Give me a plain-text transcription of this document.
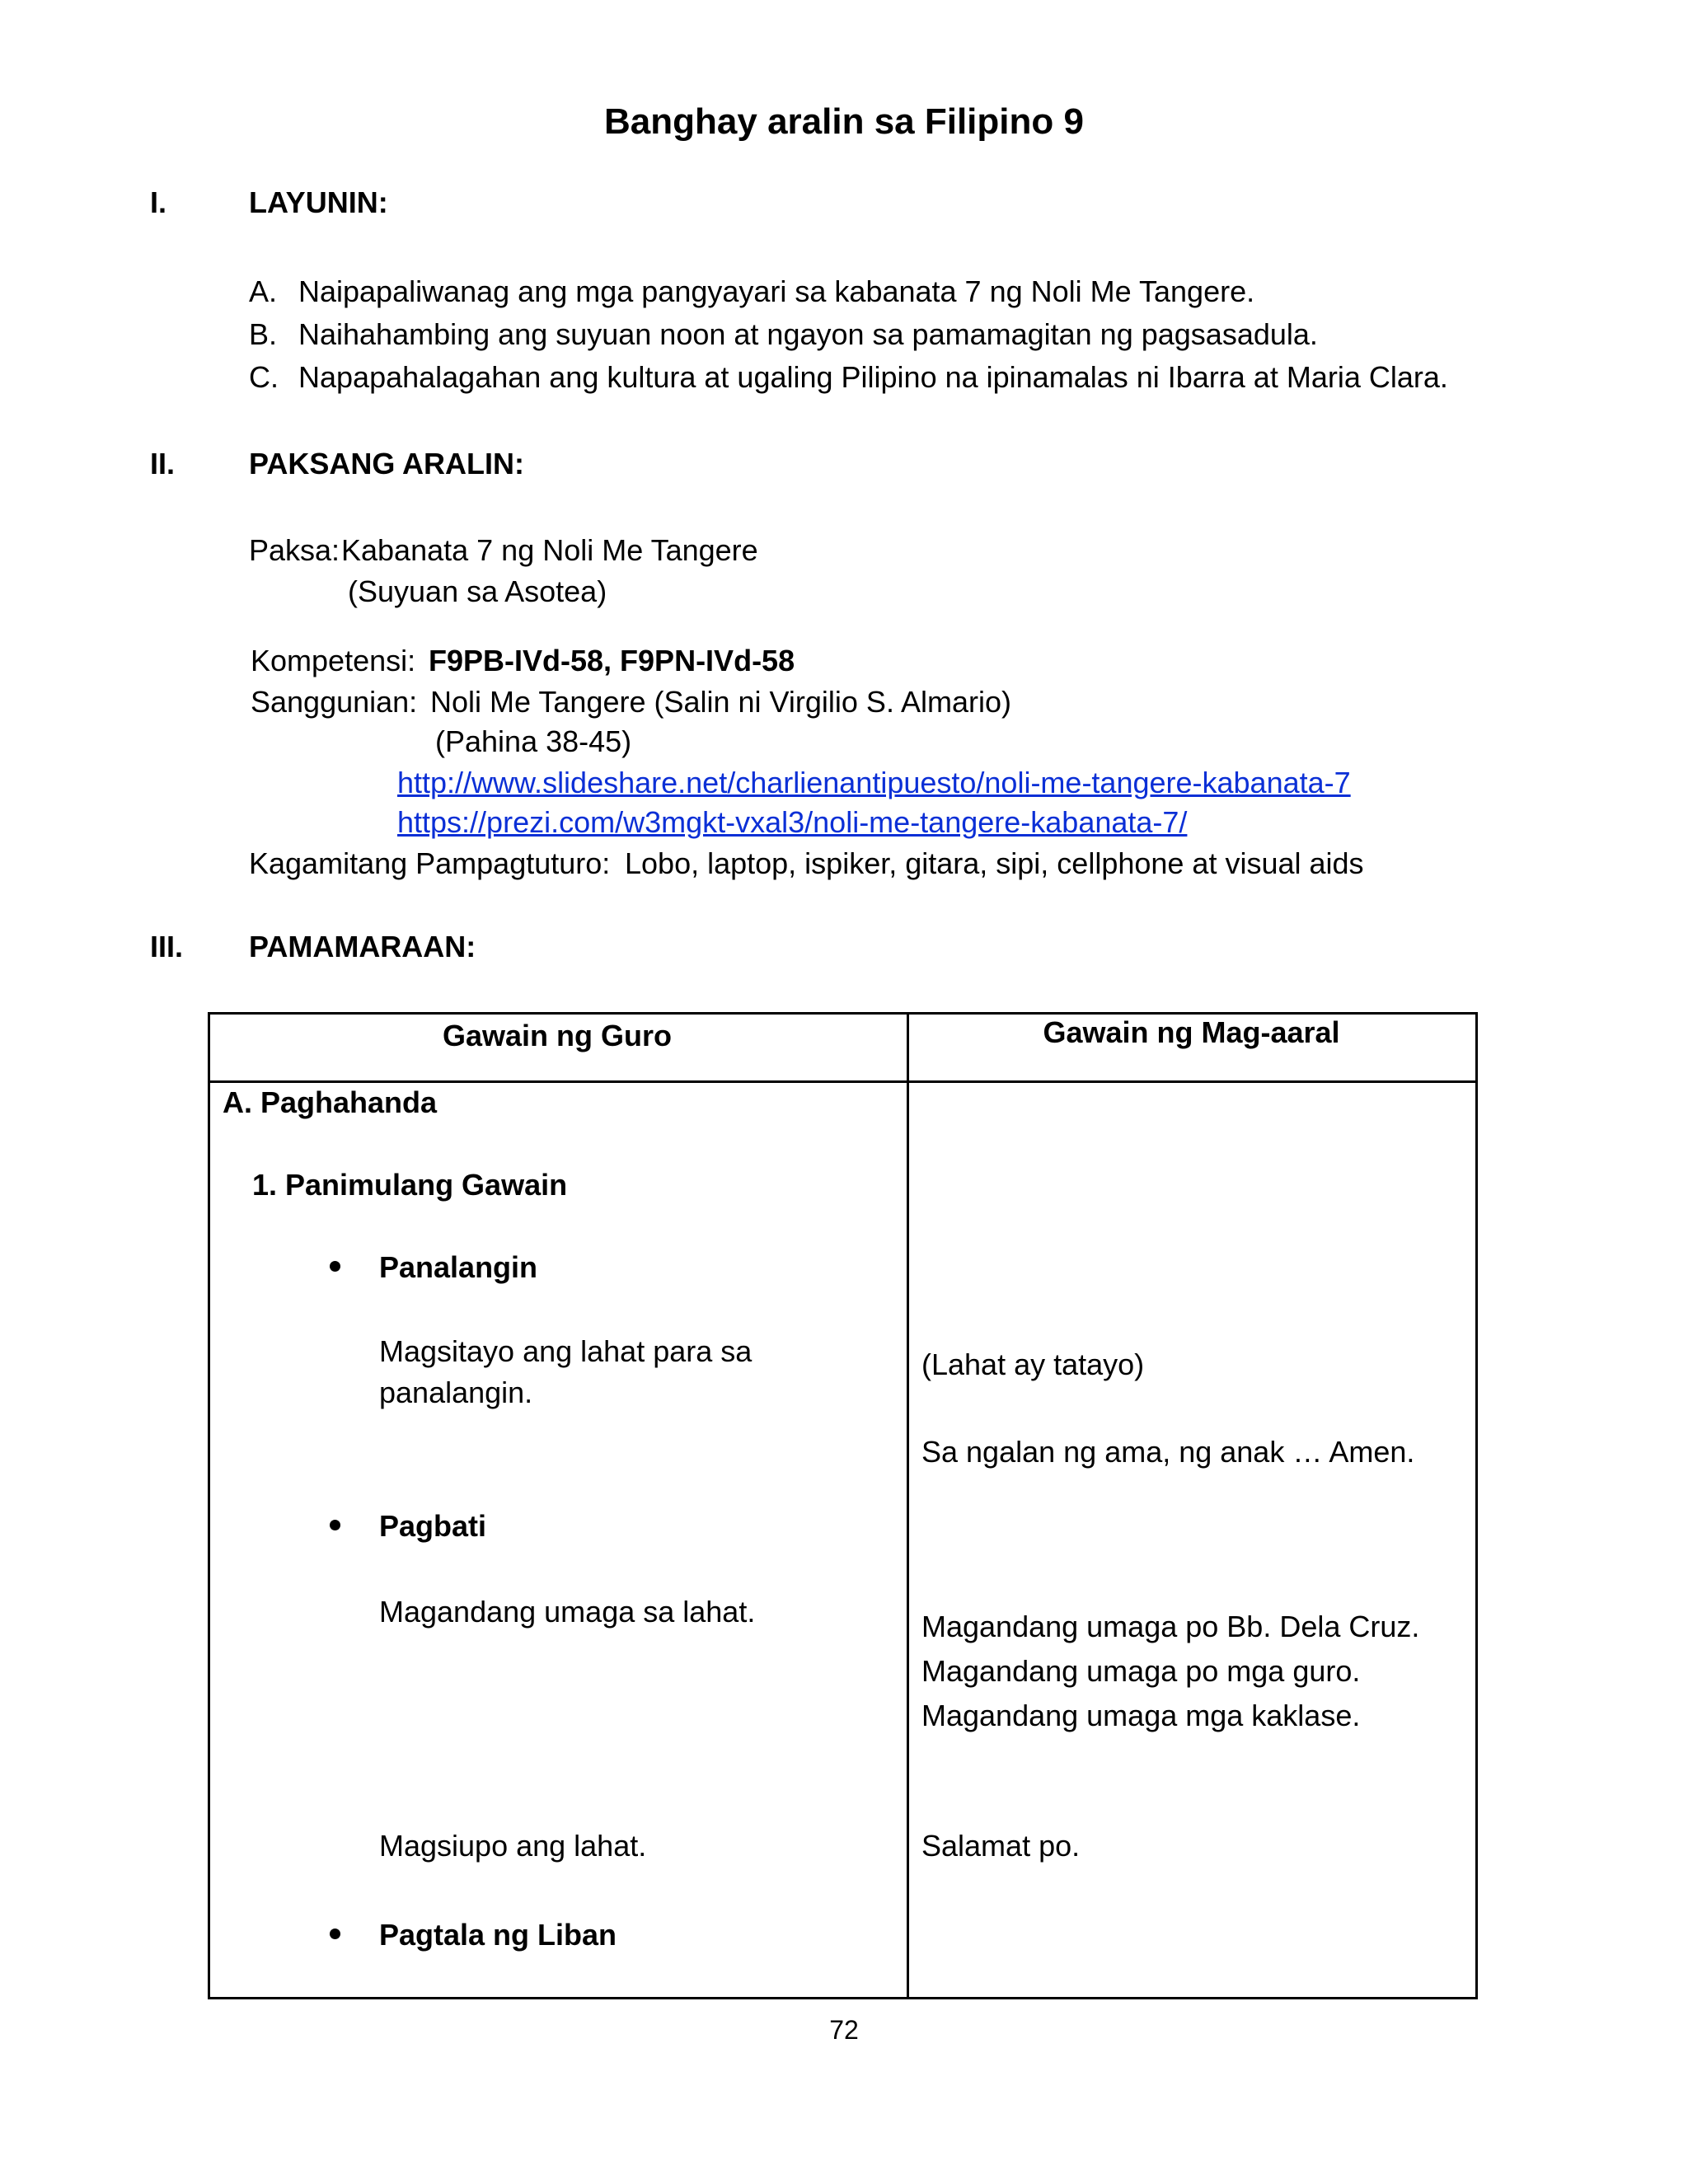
Banghay aralin sa Filipino 9
I.	LAYUNIN:
A. Naipapaliwanag ang mga pangyayari sa kabanata 7 ng Noli Me Tangere.
B. Naihahambing ang suyuan noon at ngayon sa pamamagitan ng pagsasadula.
C. Napapahalagahan ang kultura at ugaling Pilipino na ipinamalas ni Ibarra at Maria Clara.
II. PAKSANG ARALIN:
Paksa: Kabanata 7 ng Noli Me Tangere
(Suyuan sa Asotea)
Kompetensi: F9PB-IVd-58, F9PN-IVd-58
Sanggunian: Noli Me Tangere (Salin ni Virgilio S. Almario)
(Pahina 38-45)
http://www.slideshare.net/charlienantipuesto/noli-me-tangere-kabanata-7
https://prezi.com/w3mgkt-vxal3/noli-me-tangere-kabanata-7/
Kagamitang Pampagtuturo: Lobo, laptop, ispiker, gitara, sipi, cellphone at visual aids
III. PAMAMARAAN:
Gawain ng Guro	Gawain ng Mag-aaral
A. Paghahanda
1. Panimulang Gawain
Panalangin
Magsitayo ang lahat para sa
panalangin.
Pagbati
Magandang umaga sa lahat.
Magsiupo ang lahat.
Pagtala ng Liban
(Lahat ay tatayo)
Sa ngalan ng ama, ng anak … Amen.
Magandang umaga po Bb. Dela Cruz.
Magandang umaga po mga guro.
Magandang umaga mga kaklase.
Salamat po.
72
